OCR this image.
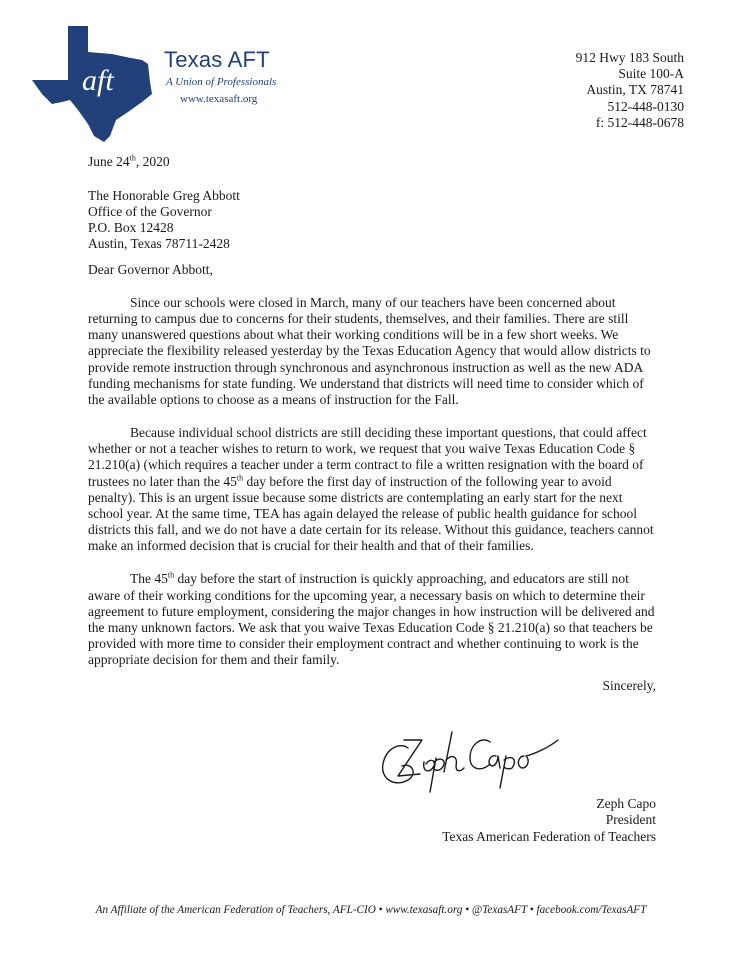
aft
Texas AFT
A Union of Professionals
www.texasaft.org
912 Hwy 183 South
Suite 100-A
Austin, TX 78741
512-448-0130
f: 512-448-0678
June 24th, 2020
The Honorable Greg Abbott
Office of the Governor
P.O. Box 12428
Austin, Texas 78711-2428
Dear Governor Abbott,

Since our schools were closed in March, many of our teachers have been concerned about returning to campus due to concerns for their students, themselves, and their families. There are still many unanswered questions about what their working conditions will be in a few short weeks. We appreciate the flexibility released yesterday by the Texas Education Agency that would allow districts to provide remote instruction through synchronous and asynchronous instruction as well as the new ADA funding mechanisms for state funding. We understand that districts will need time to consider which of the available options to choose as a means of instruction for the Fall.

Because individual school districts are still deciding these important questions, that could affect whether or not a teacher wishes to return to work, we request that you waive Texas Education Code § 21.210(a) (which requires a teacher under a term contract to file a written resignation with the board of trustees no later than the 45th day before the first day of instruction of the following year to avoid penalty). This is an urgent issue because some districts are contemplating an early start for the next school year. At the same time, TEA has again delayed the release of public health guidance for school districts this fall, and we do not have a date certain for its release. Without this guidance, teachers cannot make an informed decision that is crucial for their health and that of their families.

The 45th day before the start of instruction is quickly approaching, and educators are still not aware of their working conditions for the upcoming year, a necessary basis on which to determine their agreement to future employment, considering the major changes in how instruction will be delivered and the many unknown factors. We ask that you waive Texas Education Code § 21.210(a) so that teachers be provided with more time to consider their employment contract and whether continuing to work is the appropriate decision for them and their family.

Sincerely,
Zeph Capo
President
Texas American Federation of Teachers
An Affiliate of the American Federation of Teachers, AFL-CIO • www.texasaft.org • @TexasAFT • facebook.com/TexasAFT
